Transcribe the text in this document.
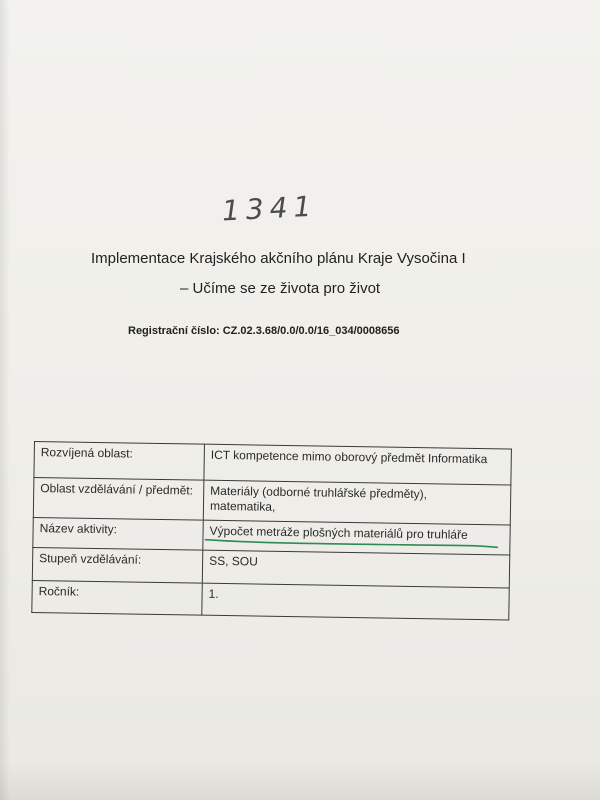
1341
Implementace Krajského akčního plánu Kraje Vysočina I
– Učíme se ze života pro život
Registrační číslo: CZ.02.3.68/0.0/0.0/16_034/0008656
Rozvíjená oblast:	ICT kompetence mimo oborový předmět Informatika
Oblast vzdělávání / předmět:	Materiály (odborné truhlářské předměty),
matematika,
Název aktivity:	Výpočet metráže plošných materiálů pro truhláře

Stupeň vzdělávání:	SS, SOU
Ročník:	1.
